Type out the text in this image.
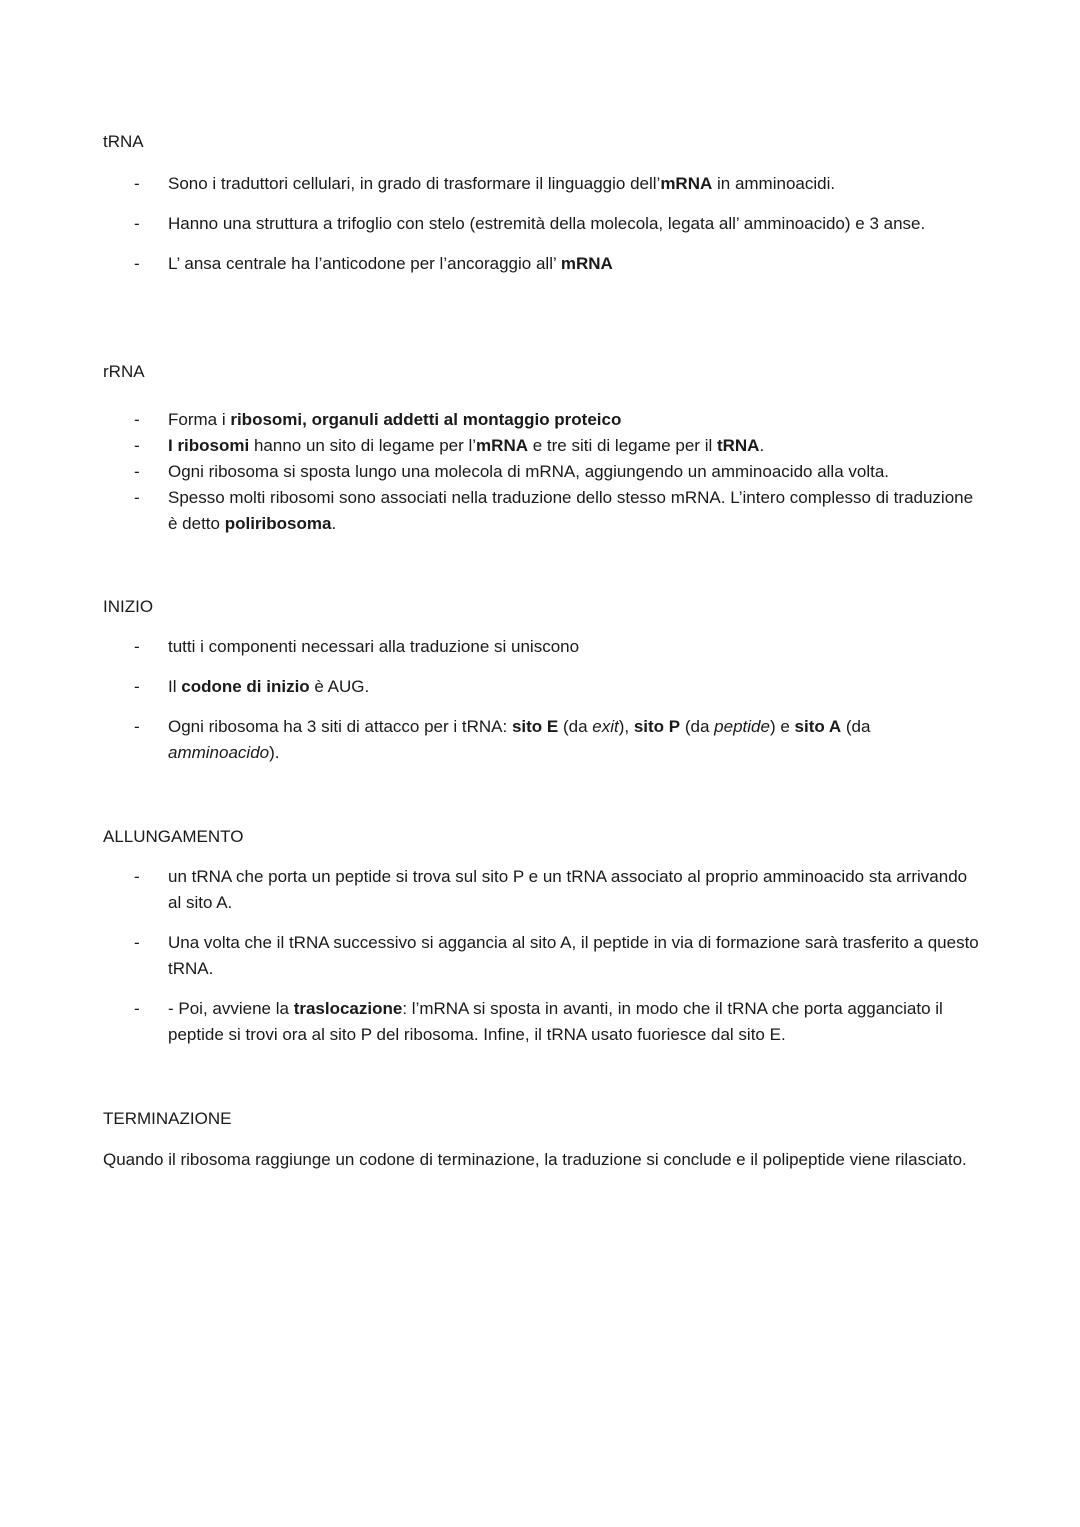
tRNA
- Sono i traduttori cellulari, in grado di trasformare il linguaggio dell’mRNA in amminoacidi.
- Hanno una struttura a trifoglio con stelo (estremità della molecola, legata all’ amminoacido) e 3 anse.
- L’ ansa centrale ha l’anticodone per l’ancoraggio all’ mRNA
rRNA
- Forma i ribosomi, organuli addetti al montaggio proteico
- I ribosomi hanno un sito di legame per l’mRNA e tre siti di legame per il tRNA.
- Ogni ribosoma si sposta lungo una molecola di mRNA, aggiungendo un amminoacido alla volta.
- Spesso molti ribosomi sono associati nella traduzione dello stesso mRNA. L’intero complesso di traduzione è detto poliribosoma.
INIZIO
- tutti i componenti necessari alla traduzione si uniscono
- Il codone di inizio è AUG.
- Ogni ribosoma ha 3 siti di attacco per i tRNA: sito E (da exit), sito P (da peptide) e sito A (da amminoacido).
ALLUNGAMENTO
- un tRNA che porta un peptide si trova sul sito P e un tRNA associato al proprio amminoacido sta arrivando al sito A.
- Una volta che il tRNA successivo si aggancia al sito A, il peptide in via di formazione sarà trasferito a questo tRNA.
- - Poi, avviene la traslocazione: l’mRNA si sposta in avanti, in modo che il tRNA che porta agganciato il peptide si trovi ora al sito P del ribosoma. Infine, il tRNA usato fuoriesce dal sito E.
TERMINAZIONE

Quando il ribosoma raggiunge un codone di terminazione, la traduzione si conclude e il polipeptide viene rilasciato.
